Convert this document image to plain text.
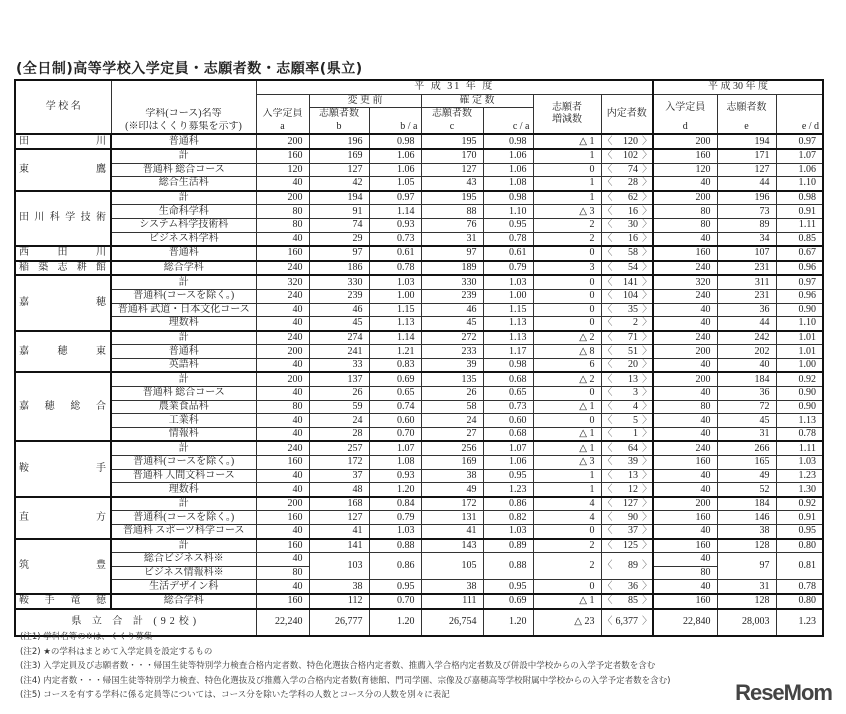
(全日制)高等学校入学定員・志願者数・志願率(県立)
学 校 名		平 成 31 年 度							平 成 30 年 度		
			変 更 前		確 定 数		志願者
増減数	内定者数	入学定員	志願者数	
	学科(コース)名等	入学定員	志願者数		志願者数						
	(※印はくくり募集を示す)	a	b	b / a	c	c / a			d	e	e / d
田川	普通科	200	196	0.98	195	0.98	△ 1	〈 120 〉	200	194	0.97
東鷹	計	160	169	1.06	170	1.06	1	〈 102 〉	160	171	1.07
	普通科 総合コース	120	127	1.06	127	1.06	0	〈 74 〉	120	127	1.06
	総合生活科	40	42	1.05	43	1.08	1	〈 28 〉	40	44	1.10
田川科学技術	計	200	194	0.97	195	0.98	1	〈 62 〉	200	196	0.98
	生命科学科	80	91	1.14	88	1.10	△ 3	〈 16 〉	80	73	0.91
	システム科学技術科	80	74	0.93	76	0.95	2	〈 30 〉	80	89	1.11
	ビジネス科学科	40	29	0.73	31	0.78	2	〈 16 〉	40	34	0.85
西田川	普通科	160	97	0.61	97	0.61	0	〈 58 〉	160	107	0.67
稲築志耕館	総合学科	240	186	0.78	189	0.79	3	〈 54 〉	240	231	0.96
嘉穂	計	320	330	1.03	330	1.03	0	〈 141 〉	320	311	0.97
	普通科(コースを除く。)	240	239	1.00	239	1.00	0	〈 104 〉	240	231	0.96
	普通科 武道・日本文化コース	40	46	1.15	46	1.15	0	〈 35 〉	40	36	0.90
	理数科	40	45	1.13	45	1.13	0	〈 2 〉	40	44	1.10
嘉穂東	計	240	274	1.14	272	1.13	△ 2	〈 71 〉	240	242	1.01
	普通科	200	241	1.21	233	1.17	△ 8	〈 51 〉	200	202	1.01
	英語科	40	33	0.83	39	0.98	6	〈 20 〉	40	40	1.00
嘉穂総合	計	200	137	0.69	135	0.68	△ 2	〈 13 〉	200	184	0.92
	普通科 総合コース	40	26	0.65	26	0.65	0	〈 3 〉	40	36	0.90
	農業食品科	80	59	0.74	58	0.73	△ 1	〈 4 〉	80	72	0.90
	工業科	40	24	0.60	24	0.60	0	〈 5 〉	40	45	1.13
	情報科	40	28	0.70	27	0.68	△ 1	〈 1 〉	40	31	0.78
鞍手	計	240	257	1.07	256	1.07	△ 1	〈 64 〉	240	266	1.11
	普通科(コースを除く。)	160	172	1.08	169	1.06	△ 3	〈 39 〉	160	165	1.03
	普通科 人間文科コース	40	37	0.93	38	0.95	1	〈 13 〉	40	49	1.23
	理数科	40	48	1.20	49	1.23	1	〈 12 〉	40	52	1.30
直方	計	200	168	0.84	172	0.86	4	〈 127 〉	200	184	0.92
	普通科(コースを除く。)	160	127	0.79	131	0.82	4	〈 90 〉	160	146	0.91
	普通科 スポーツ科学コース	40	41	1.03	41	1.03	0	〈 37 〉	40	38	0.95
筑豊	計	160	141	0.88	143	0.89	2	〈 125 〉	160	128	0.80
	総合ビジネス科※	40	103	0.86	105	0.88	2	〈 89 〉	40	97	0.81
	ビジネス情報科※	80							80		
	生活デザイン科	40	38	0.95	38	0.95	0	〈 36 〉	40	31	0.78
鞍手竜徳	総合学科	160	112	0.70	111	0.69	△ 1	〈 85 〉	160	128	0.80
県 立 合 計 (92校)		22,240	26,777	1.20	26,754	1.20	△ 23	〈 6,377 〉	22,840	28,003	1.23
(注1) 学科名等の※は、くくり募集
(注2) ★の学科はまとめて入学定員を設定するもの
(注3) 入学定員及び志願者数・・・帰国生徒等特別学力検査合格内定者数、特色化選抜合格内定者数、推薦入学合格内定者数及び併設中学校からの入学予定者数を含む
(注4) 内定者数・・・帰国生徒等特別学力検査、特色化選抜及び推薦入学の合格内定者数(育徳館、門司学園、宗像及び嘉穂高等学校附属中学校からの入学予定者数を含む)
(注5) コースを有する学科に係る定員等については、コース分を除いた学科の人数とコース分の人数を別々に表記	ReseMom
